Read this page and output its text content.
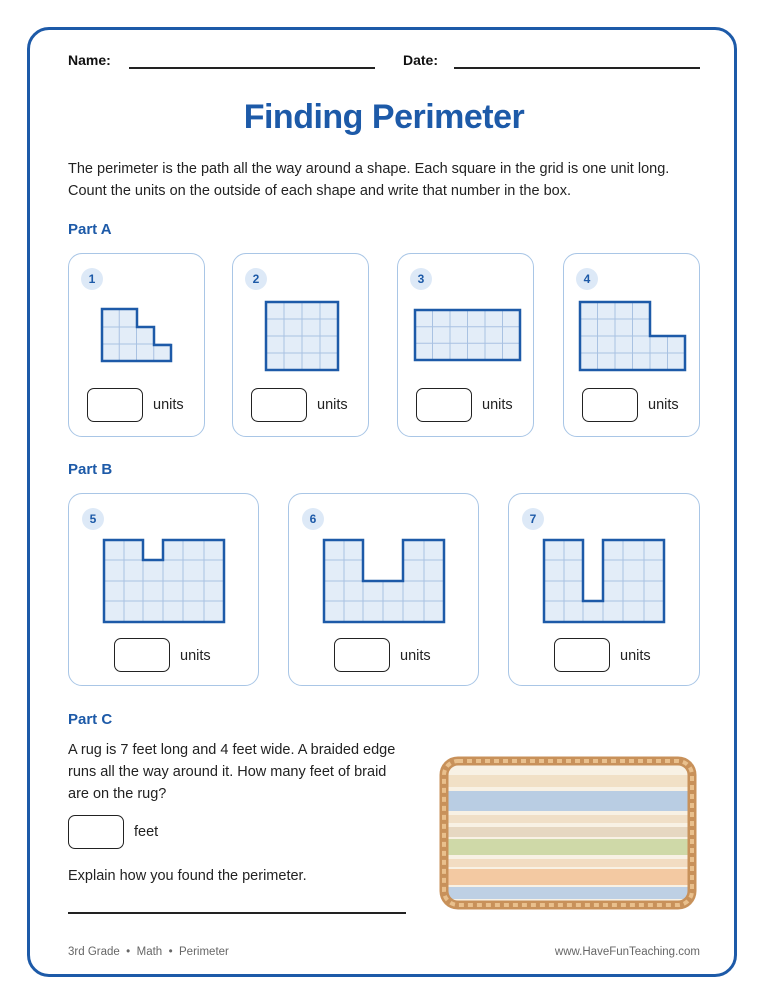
Name:	Date:
Finding Perimeter
The perimeter is the path all the way around a shape. Each square in the grid is one unit long. Count the units on the outside of each shape and write that number in the box.
Part A
1
units
2
units
3
units
4
units
Part B
5
units
6
units
7
units
Part C
A rug is 7 feet long and 4 feet wide. A braided edge runs all the way around it. How many feet of braid are on the rug?
feet
Explain how you found the perimeter.
3rd Grade  •  Math  •  Perimeter	www.HaveFunTeaching.com
